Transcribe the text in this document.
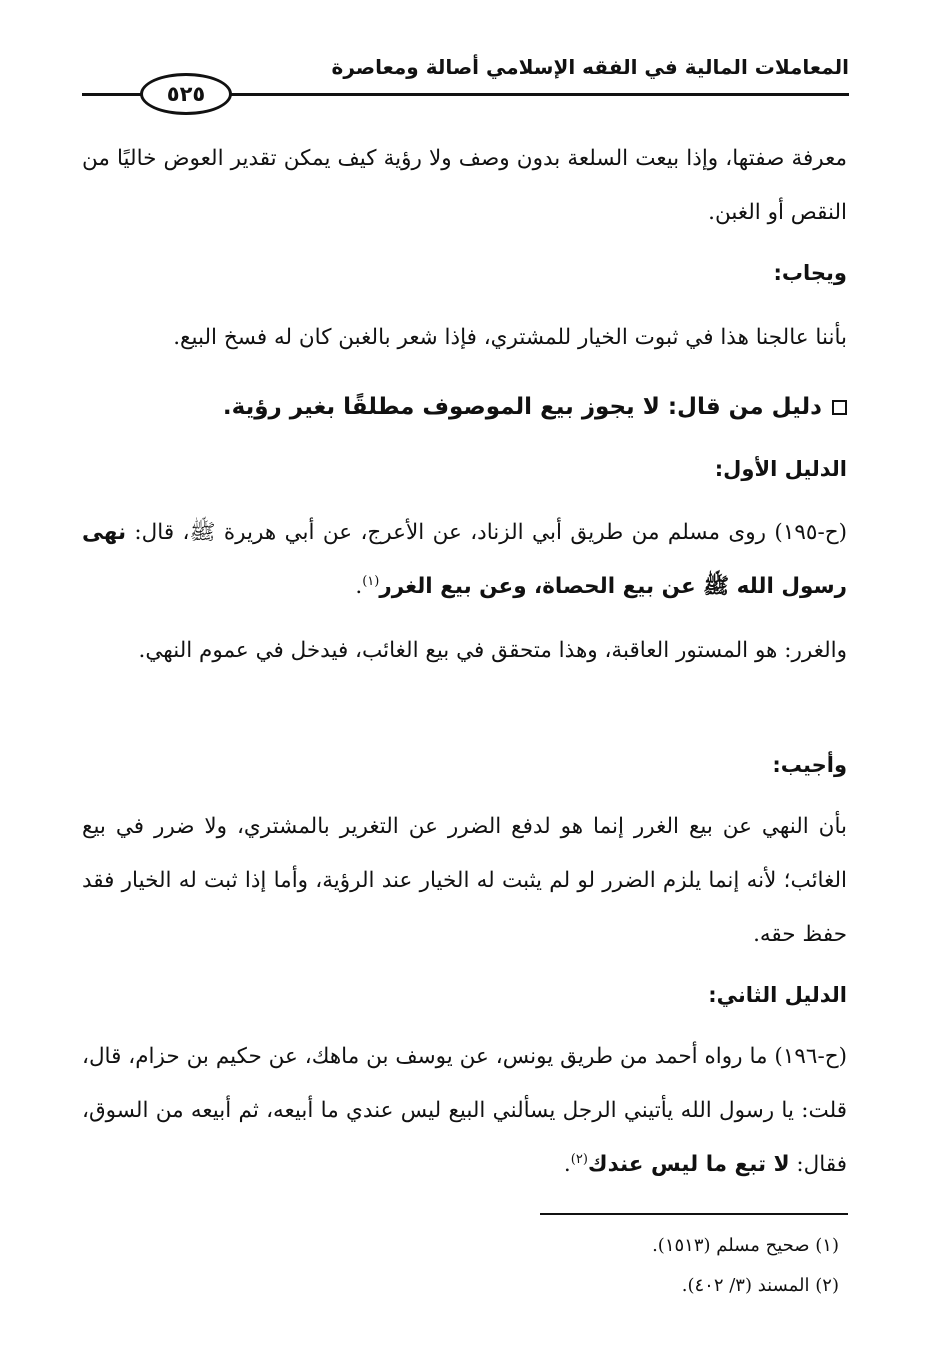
المعاملات المالية في الفقه الإسلامي أصالة ومعاصرة
٥٢٥

معرفة صفتها، وإذا بيعت السلعة بدون وصف ولا رؤية كيف يمكن تقدير العوض خاليًا من النقص أو الغبن.

ويجاب:

بأننا عالجنا هذا في ثبوت الخيار للمشتري، فإذا شعر بالغبن كان له فسخ البيع.

دليل من قال: لا يجوز بيع الموصوف مطلقًا بغير رؤية.

الدليل الأول:

(ح-١٩٥) روى مسلم من طريق أبي الزناد، عن الأعرج، عن أبي هريرة ﷺ، قال: نهى رسول الله ﷺ عن بيع الحصاة، وعن بيع الغرر$^{(١)}$.

والغرر: هو المستور العاقبة، وهذا متحقق في بيع الغائب، فيدخل في عموم النهي.

وأجيب:

بأن النهي عن بيع الغرر إنما هو لدفع الضرر عن التغرير بالمشتري، ولا ضرر في بيع الغائب؛ لأنه إنما يلزم الضرر لو لم يثبت له الخيار عند الرؤية، وأما إذا ثبت له الخيار فقد حفظ حقه.

الدليل الثاني:

(ح-١٩٦) ما رواه أحمد من طريق يونس، عن يوسف بن ماهك، عن حكيم بن حزام، قال، قلت: يا رسول الله يأتيني الرجل يسألني البيع ليس عندي ما أبيعه، ثم أبيعه من السوق، فقال: لا تبع ما ليس عندك$^{(٢)}$.

(١) صحيح مسلم (١٥١٣).
(٢) المسند (٣/ ٤٠٢).
